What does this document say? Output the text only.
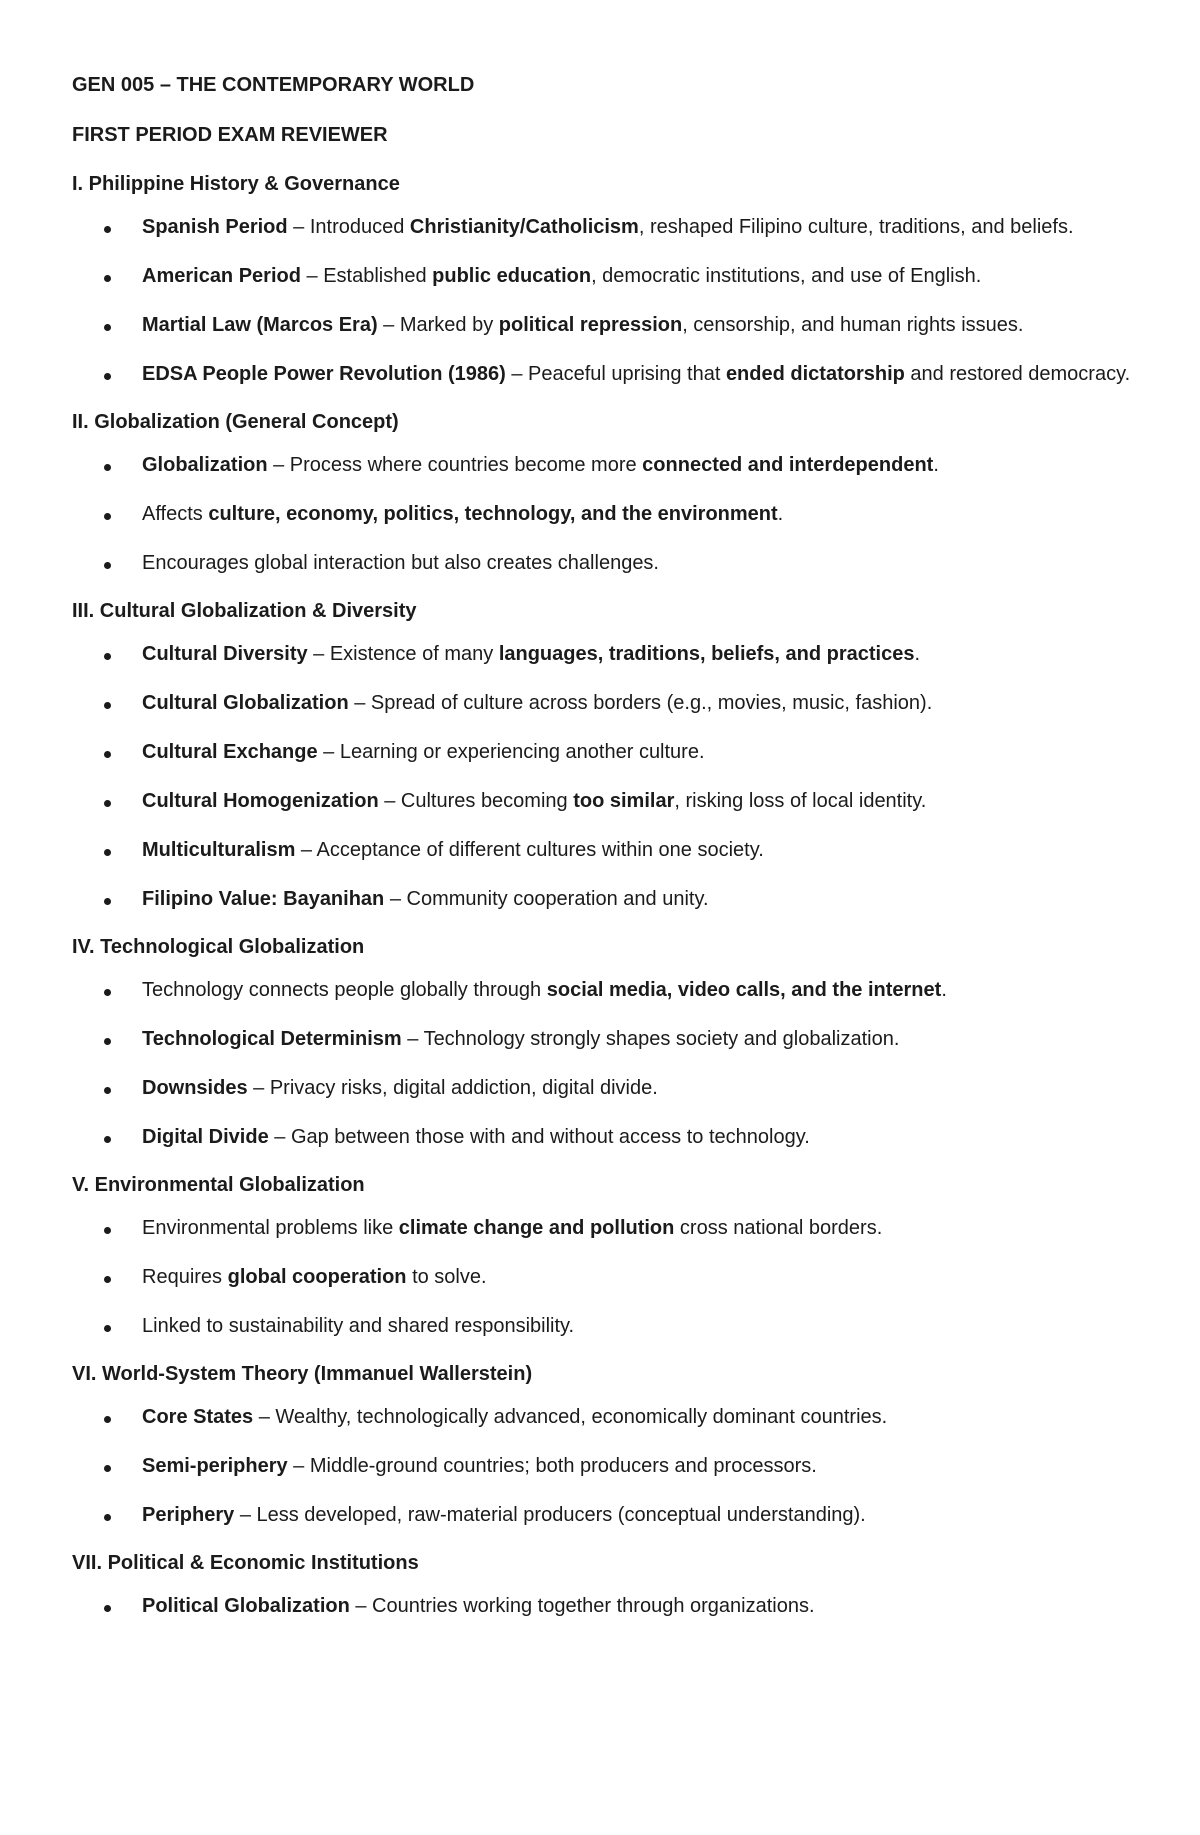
GEN 005 – THE CONTEMPORARY WORLD

FIRST PERIOD EXAM REVIEWER

I. Philippine History & Governance

Spanish Period – Introduced Christianity/Catholicism, reshaped Filipino culture, traditions, and beliefs.
American Period – Established public education, democratic institutions, and use of English.
Martial Law (Marcos Era) – Marked by political repression, censorship, and human rights issues.
EDSA People Power Revolution (1986) – Peaceful uprising that ended dictatorship and restored democracy.

II. Globalization (General Concept)

Globalization – Process where countries become more connected and interdependent.
Affects culture, economy, politics, technology, and the environment.
Encourages global interaction but also creates challenges.

III. Cultural Globalization & Diversity

Cultural Diversity – Existence of many languages, traditions, beliefs, and practices.
Cultural Globalization – Spread of culture across borders (e.g., movies, music, fashion).
Cultural Exchange – Learning or experiencing another culture.
Cultural Homogenization – Cultures becoming too similar, risking loss of local identity.
Multiculturalism – Acceptance of different cultures within one society.
Filipino Value: Bayanihan – Community cooperation and unity.

IV. Technological Globalization

Technology connects people globally through social media, video calls, and the internet.
Technological Determinism – Technology strongly shapes society and globalization.
Downsides – Privacy risks, digital addiction, digital divide.
Digital Divide – Gap between those with and without access to technology.

V. Environmental Globalization

Environmental problems like climate change and pollution cross national borders.
Requires global cooperation to solve.
Linked to sustainability and shared responsibility.

VI. World-System Theory (Immanuel Wallerstein)

Core States – Wealthy, technologically advanced, economically dominant countries.
Semi-periphery – Middle-ground countries; both producers and processors.
Periphery – Less developed, raw-material producers (conceptual understanding).

VII. Political & Economic Institutions

Political Globalization – Countries working together through organizations.
